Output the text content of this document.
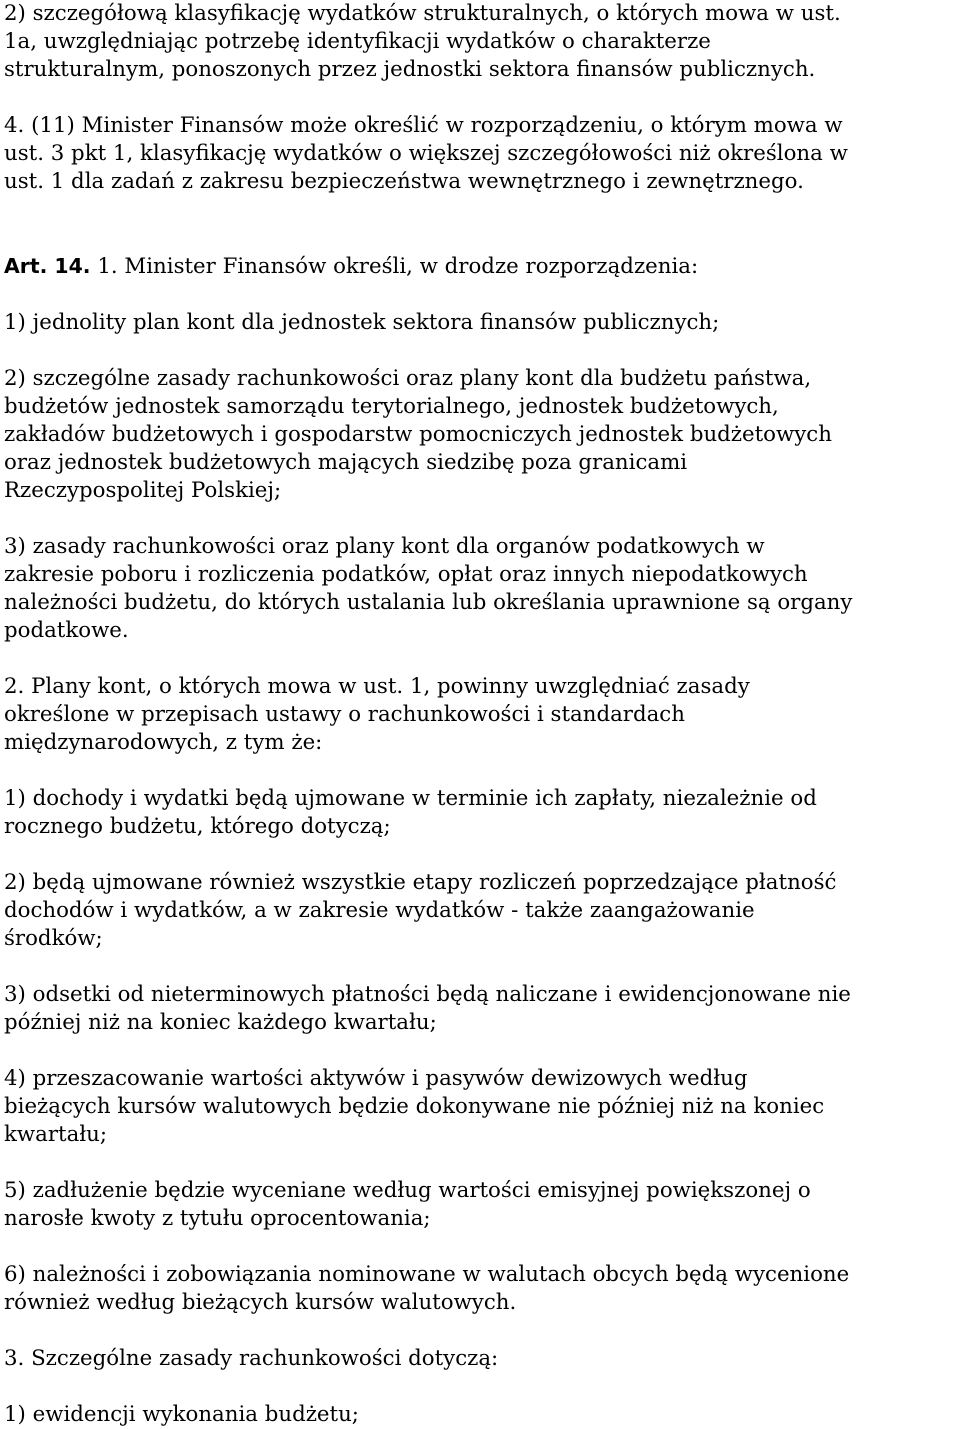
2) szczegółową klasyfikację wydatków strukturalnych, o których mowa w ust.
1a, uwzględniając potrzebę identyfikacji wydatków o charakterze
strukturalnym, ponoszonych przez jednostki sektora finansów publicznych.
4. (11) Minister Finansów może określić w rozporządzeniu, o którym mowa w
ust. 3 pkt 1, klasyfikację wydatków o większej szczegółowości niż określona w
ust. 1 dla zadań z zakresu bezpieczeństwa wewnętrznego i zewnętrznego.
Art. 14. 1. Minister Finansów określi, w drodze rozporządzenia:
1) jednolity plan kont dla jednostek sektora finansów publicznych;
2) szczególne zasady rachunkowości oraz plany kont dla budżetu państwa,
budżetów jednostek samorządu terytorialnego, jednostek budżetowych,
zakładów budżetowych i gospodarstw pomocniczych jednostek budżetowych
oraz jednostek budżetowych mających siedzibę poza granicami
Rzeczypospolitej Polskiej;
3) zasady rachunkowości oraz plany kont dla organów podatkowych w
zakresie poboru i rozliczenia podatków, opłat oraz innych niepodatkowych
należności budżetu, do których ustalania lub określania uprawnione są organy
podatkowe.
2. Plany kont, o których mowa w ust. 1, powinny uwzględniać zasady
określone w przepisach ustawy o rachunkowości i standardach
międzynarodowych, z tym że:
1) dochody i wydatki będą ujmowane w terminie ich zapłaty, niezależnie od
rocznego budżetu, którego dotyczą;
2) będą ujmowane również wszystkie etapy rozliczeń poprzedzające płatność
dochodów i wydatków, a w zakresie wydatków - także zaangażowanie
środków;
3) odsetki od nieterminowych płatności będą naliczane i ewidencjonowane nie
później niż na koniec każdego kwartału;
4) przeszacowanie wartości aktywów i pasywów dewizowych według
bieżących kursów walutowych będzie dokonywane nie później niż na koniec
kwartału;
5) zadłużenie będzie wyceniane według wartości emisyjnej powiększonej o
narosłe kwoty z tytułu oprocentowania;
6) należności i zobowiązania nominowane w walutach obcych będą wycenione
również według bieżących kursów walutowych.
3. Szczególne zasady rachunkowości dotyczą:
1) ewidencji wykonania budżetu;
